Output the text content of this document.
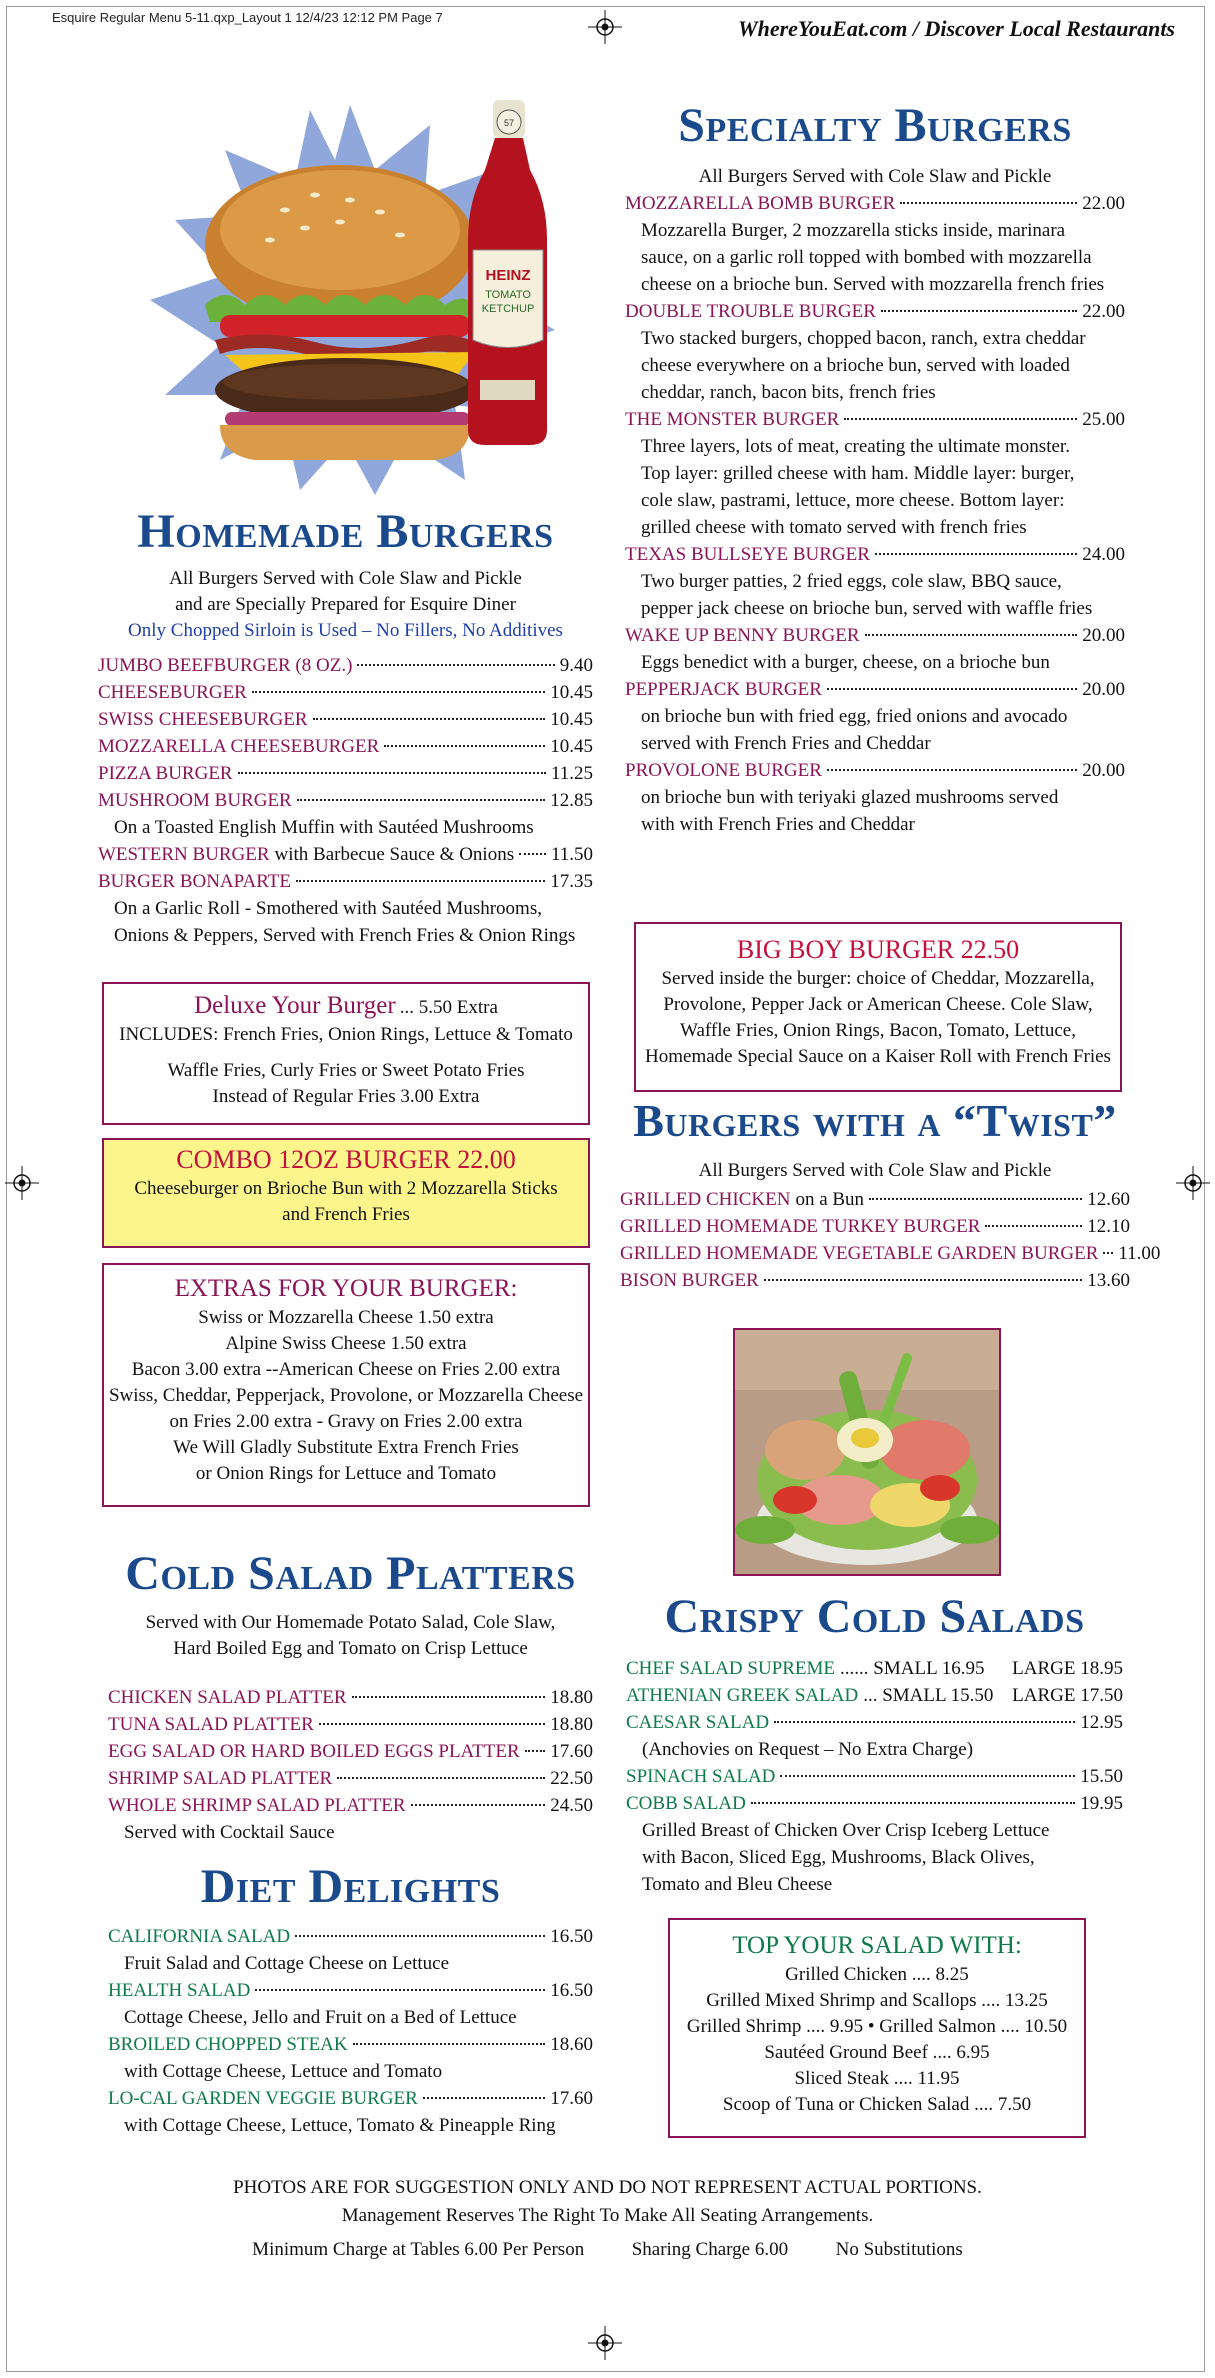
Esquire Regular Menu 5-11.qxp_Layout 1 12/4/23 12:12 PM Page 7	WhereYouEat.com / Discover Local Restaurants
57
HEINZ
TOMATO
KETCHUP
Homemade Burgers
All Burgers Served with Cole Slaw and Pickle
and are Specially Prepared for Esquire Diner
Only Chopped Sirloin is Used – No Fillers, No Additives
JUMBO BEEFBURGER (8 OZ.)	9.40
CHEESEBURGER	10.45
SWISS CHEESEBURGER	10.45
MOZZARELLA CHEESEBURGER	10.45
PIZZA BURGER	11.25
MUSHROOM BURGER	12.85
On a Toasted English Muffin with Sautéed Mushrooms
WESTERN BURGER with Barbecue Sauce & Onions 11.50
BURGER BONAPARTE	17.35
On a Garlic Roll - Smothered with Sautéed Mushrooms,
Onions & Peppers, Served with French Fries & Onion Rings
Deluxe Your Burger ... 5.50 Extra
INCLUDES: French Fries, Onion Rings, Lettuce & Tomato
Waffle Fries, Curly Fries or Sweet Potato Fries
Instead of Regular Fries 3.00 Extra
COMBO 12OZ BURGER 22.00
Cheeseburger on Brioche Bun with 2 Mozzarella Sticks
and French Fries
EXTRAS FOR YOUR BURGER:
Swiss or Mozzarella Cheese 1.50 extra
Alpine Swiss Cheese 1.50 extra
Bacon 3.00 extra --American Cheese on Fries 2.00 extra
Swiss, Cheddar, Pepperjack, Provolone, or Mozzarella Cheese
on Fries 2.00 extra - Gravy on Fries 2.00 extra
We Will Gladly Substitute Extra French Fries
or Onion Rings for Lettuce and Tomato
Cold Salad Platters
Served with Our Homemade Potato Salad, Cole Slaw,
Hard Boiled Egg and Tomato on Crisp Lettuce
CHICKEN SALAD PLATTER	18.80
TUNA SALAD PLATTER	18.80
EGG SALAD OR HARD BOILED EGGS PLATTER 17.60
SHRIMP SALAD PLATTER	22.50
WHOLE SHRIMP SALAD PLATTER	24.50
Served with Cocktail Sauce
Diet Delights
CALIFORNIA SALAD	16.50
Fruit Salad and Cottage Cheese on Lettuce
HEALTH SALAD	16.50
Cottage Cheese, Jello and Fruit on a Bed of Lettuce
BROILED CHOPPED STEAK	18.60
with Cottage Cheese, Lettuce and Tomato
LO-CAL GARDEN VEGGIE BURGER	17.60
with Cottage Cheese, Lettuce, Tomato & Pineapple Ring
Specialty Burgers
All Burgers Served with Cole Slaw and Pickle
MOZZARELLA BOMB BURGER	22.00
Mozzarella Burger, 2 mozzarella sticks inside, marinara
sauce, on a garlic roll topped with bombed with mozzarella
cheese on a brioche bun. Served with mozzarella french fries
DOUBLE TROUBLE BURGER	22.00
Two stacked burgers, chopped bacon, ranch, extra cheddar
cheese everywhere on a brioche bun, served with loaded
cheddar, ranch, bacon bits, french fries
THE MONSTER BURGER	25.00
Three layers, lots of meat, creating the ultimate monster.
Top layer: grilled cheese with ham. Middle layer: burger,
cole slaw, pastrami, lettuce, more cheese. Bottom layer:
grilled cheese with tomato served with french fries
TEXAS BULLSEYE BURGER	24.00
Two burger patties, 2 fried eggs, cole slaw, BBQ sauce,
pepper jack cheese on brioche bun, served with waffle fries
WAKE UP BENNY BURGER	20.00
Eggs benedict with a burger, cheese, on a brioche bun
PEPPERJACK BURGER	20.00
on brioche bun with fried egg, fried onions and avocado
served with French Fries and Cheddar
PROVOLONE BURGER	20.00
on brioche bun with teriyaki glazed mushrooms served
with with French Fries and Cheddar
BIG BOY BURGER 22.50
Served inside the burger: choice of Cheddar, Mozzarella,
Provolone, Pepper Jack or American Cheese. Cole Slaw,
Waffle Fries, Onion Rings, Bacon, Tomato, Lettuce,
Homemade Special Sauce on a Kaiser Roll with French Fries
Burgers with a “Twist”
All Burgers Served with Cole Slaw and Pickle
GRILLED CHICKEN on a Bun	12.60
GRILLED HOMEMADE TURKEY BURGER	12.10
GRILLED HOMEMADE VEGETABLE GARDEN BURGER 11.00
BISON BURGER	13.60
Crispy Cold Salads
CHEF SALAD SUPREME ...... SMALL 16.95 LARGE 18.95
ATHENIAN GREEK SALAD ... SMALL 15.50 LARGE 17.50
CAESAR SALAD	12.95
(Anchovies on Request – No Extra Charge)
SPINACH SALAD	15.50
COBB SALAD	19.95
Grilled Breast of Chicken Over Crisp Iceberg Lettuce
with Bacon, Sliced Egg, Mushrooms, Black Olives,
Tomato and Bleu Cheese
TOP YOUR SALAD WITH:
Grilled Chicken .... 8.25
Grilled Mixed Shrimp and Scallops .... 13.25
Grilled Shrimp .... 9.95 • Grilled Salmon .... 10.50
Sautéed Ground Beef .... 6.95
Sliced Steak .... 11.95
Scoop of Tuna or Chicken Salad .... 7.50
PHOTOS ARE FOR SUGGESTION ONLY AND DO NOT REPRESENT ACTUAL PORTIONS.
Management Reserves The Right To Make All Seating Arrangements.
Minimum Charge at Tables 6.00 Per Person	Sharing Charge 6.00	No Substitutions
